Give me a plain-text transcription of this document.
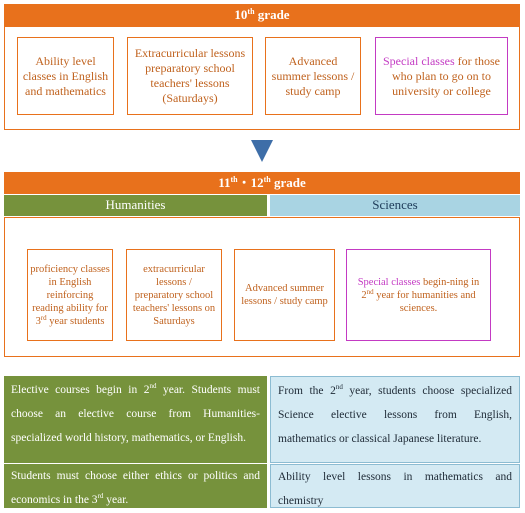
10th grade
Ability level classes in English and mathematics
Extracurricular lessons preparatory school teachers' lessons (Saturdays)
Advanced summer lessons / study camp
Special classes for those who plan to go on to university or college
11th・12th grade
Humanities	Sciences
proficiency classes in English reinforcing reading ability for 3rd year students
extracurricular lessons / preparatory school teachers' lessons on Saturdays
Advanced summer lessons / study camp
Special classes begin-ning in 2nd year for humanities and sciences.
Elective courses begin in 2nd year. Students must choose an elective course from Humanities-specialized world history, mathematics, or English.
Students must choose either ethics or politics and economics in the 3rd year.
From the 2nd year, students choose specialized Science elective lessons from English, mathematics or classical Japanese literature.
Ability level lessons in mathematics and chemistry
